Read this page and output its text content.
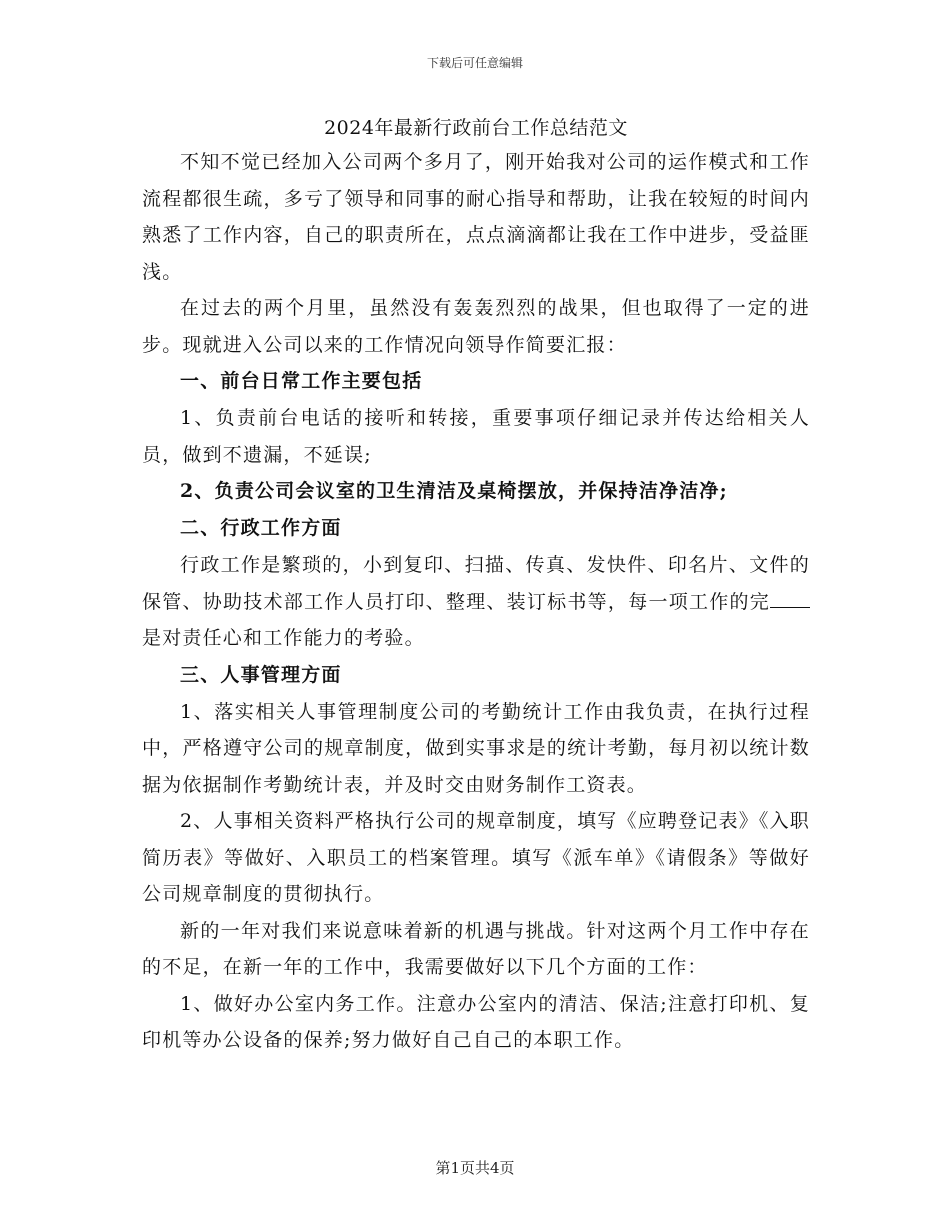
下载后可任意编辑
2024年最新行政前台工作总结范文

不知不觉已经加入公司两个多月了，刚开始我对公司的运作模式和工作流程都很生疏，多亏了领导和同事的耐心指导和帮助，让我在较短的时间内熟悉了工作内容，自己的职责所在，点点滴滴都让我在工作中进步，受益匪浅。

在过去的两个月里，虽然没有轰轰烈烈的战果，但也取得了一定的进步。现就进入公司以来的工作情况向领导作简要汇报：

一、前台日常工作主要包括

1、负责前台电话的接听和转接，重要事项仔细记录并传达给相关人员，做到不遗漏，不延误;

2、负责公司会议室的卫生清洁及桌椅摆放，并保持洁净洁净;

二、行政工作方面

行政工作是繁琐的，小到复印、扫描、传真、发快件、印名片、文件的保管、协助技术部工作人员打印、整理、装订标书等，每一项工作的完是对责任心和工作能力的考验。

三、人事管理方面

1、落实相关人事管理制度公司的考勤统计工作由我负责，在执行过程中，严格遵守公司的规章制度，做到实事求是的统计考勤，每月初以统计数据为依据制作考勤统计表，并及时交由财务制作工资表。

2、人事相关资料严格执行公司的规章制度，填写《应聘登记表》《入职简历表》等做好、入职员工的档案管理。填写《派车单》《请假条》等做好公司规章制度的贯彻执行。

新的一年对我们来说意味着新的机遇与挑战。针对这两个月工作中存在的不足，在新一年的工作中，我需要做好以下几个方面的工作：

1、做好办公室内务工作。注意办公室内的清洁、保洁;注意打印机、复印机等办公设备的保养;努力做好自己自己的本职工作。

第1页共4页
